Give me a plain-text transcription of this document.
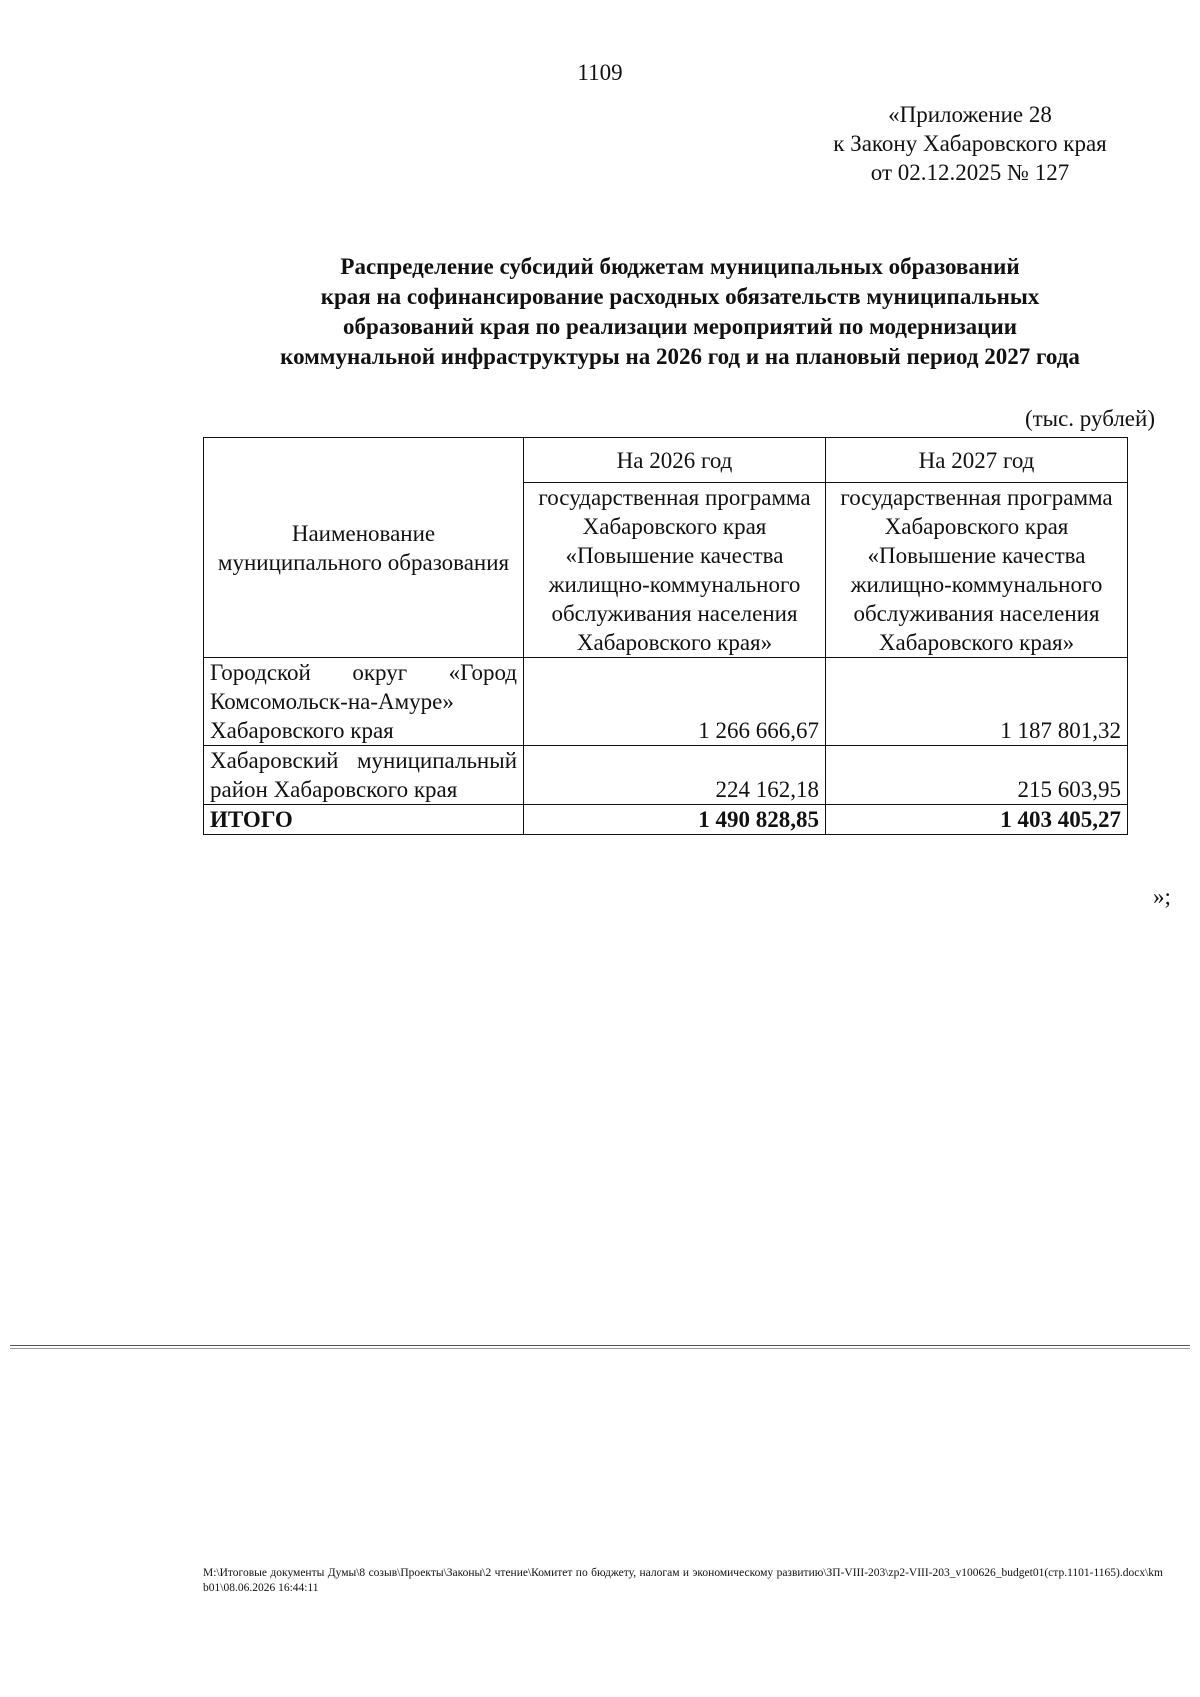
1109
«Приложение 28
к Закону Хабаровского края
от 02.12.2025 № 127
Распределение субсидий бюджетам муниципальных образований
края на софинансирование расходных обязательств муниципальных
образований края по реализации мероприятий по модернизации
коммунальной инфраструктуры на 2026 год и на плановый период 2027 года
(тыс. рублей)
Наименование муниципального образования	На 2026 год	На 2027 год
	государственная программа Хабаровского края «Повышение качества жилищно-коммунального обслуживания населения Хабаровского края»	государственная программа Хабаровского края «Повышение качества жилищно-коммунального обслуживания населения Хабаровского края»
Городской округ «Город Комсомольск-на-Амуре» Хабаровского края	1 266 666,67	1 187 801,32
Хабаровский муниципальный район Хабаровского края	224 162,18	215 603,95
ИТОГО	1 490 828,85	1 403 405,27
»;
M:\Итоговые документы Думы\8 созыв\Проекты\Законы\2 чтение\Комитет по бюджету, налогам и экономическому развитию\ЗП-VIII-203\zp2-VIII-203_v100626_budget01(стр.1101-1165).docx\kmb01\08.06.2026 16:44:11
